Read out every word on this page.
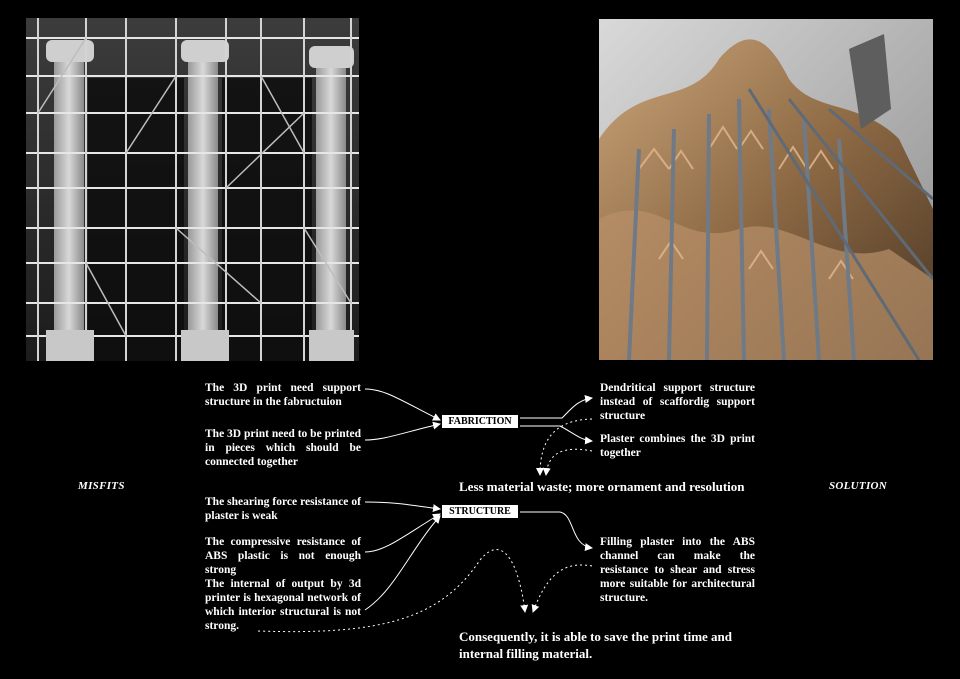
MISFITS	SOLUTION
The 3D print need support structure in the fabructuion
The 3D print need to be printed in pieces which should be connected together
The shearing force resistance of plaster is weak
The compressive resistance of ABS plastic is not enough strong
The internal of output by 3d printer is hexagonal network of which interior structural is not strong.
FABRICTION
STRUCTURE
Dendritical support structure instead of scaffordig support structure
Plaster combines the 3D print together
Filling plaster into the ABS channel can make the resistance to shear and stress more suitable for architectural structure.
Less material waste; more ornament and resolution
Consequently, it is able to save the print time and internal filling material.
